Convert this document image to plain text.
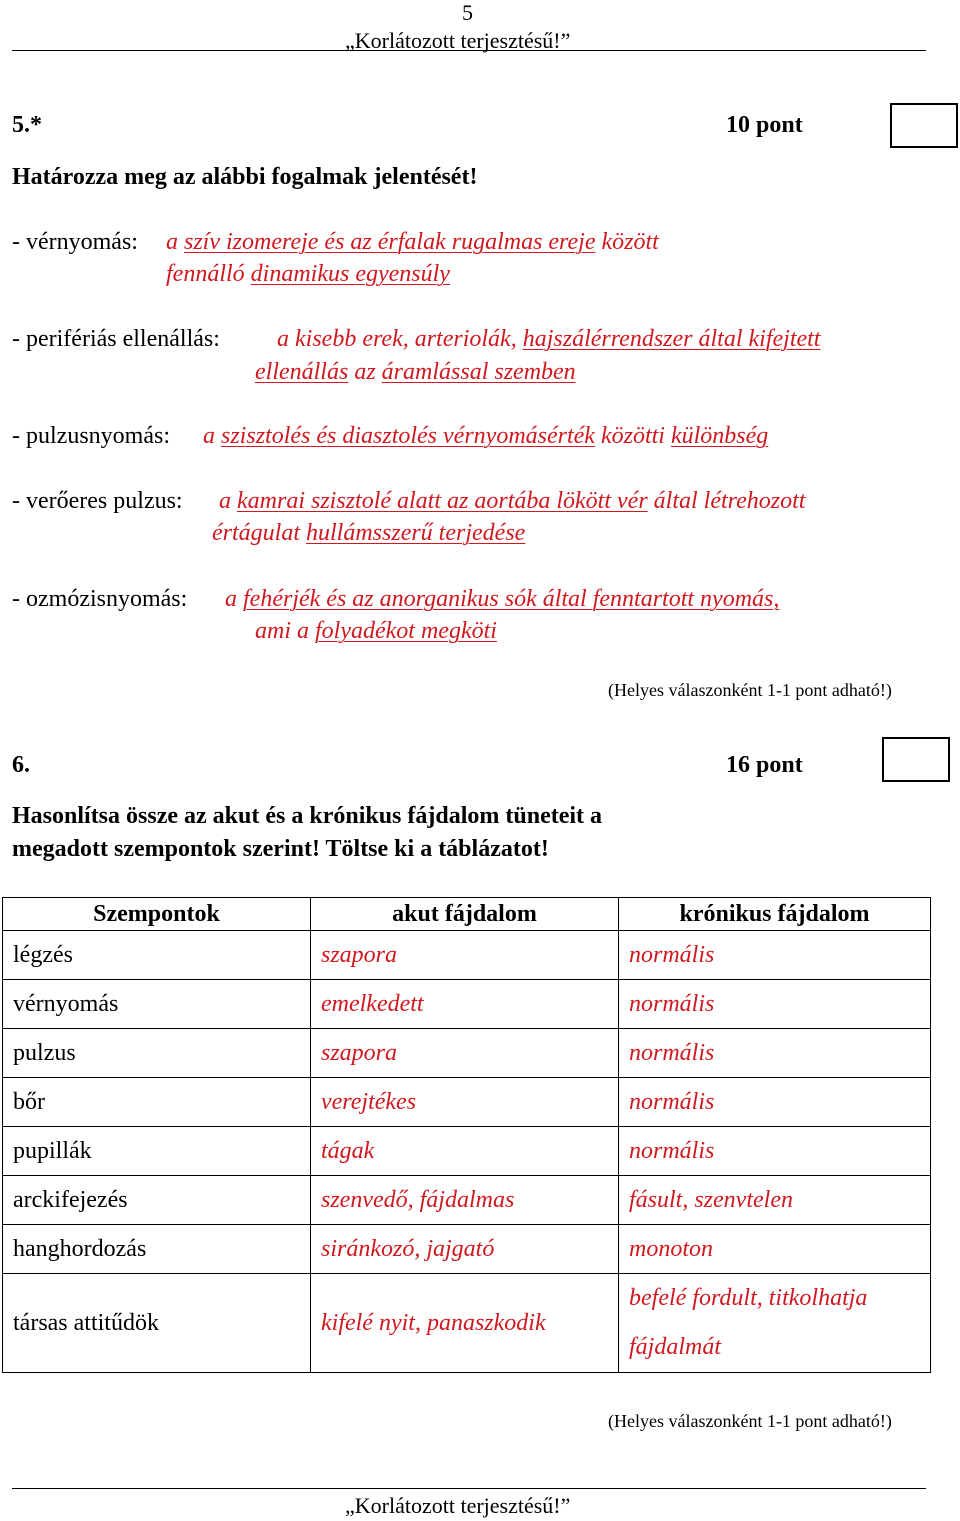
5
„Korlátozott terjesztésű!”
5.*	10 pont
Határozza meg az alábbi fogalmak jelentését!
- vérnyomás: a szív izomereje és az érfalak rugalmas ereje között
fennálló dinamikus egyensúly
- perifériás ellenállás: a kisebb erek, arteriolák, hajszálérrendszer által kifejtett
ellenállás az áramlással szemben
- pulzusnyomás: a szisztolés és diasztolés vérnyomásérték közötti különbség
- verőeres pulzus: a kamrai szisztolé alatt az aortába lökött vér által létrehozott
értágulat hullámsszerű terjedése
- ozmózisnyomás: a fehérjék és az anorganikus sók által fenntartott nyomás,
ami a folyadékot megköti
(Helyes válaszonként 1-1 pont adható!)
6.	16 pont
Hasonlítsa össze az akut és a krónikus fájdalom tüneteit a
megadott szempontok szerint! Töltse ki a táblázatot!
Szempontok	akut fájdalom	krónikus fájdalom
légzés	szapora	normális
vérnyomás	emelkedett	normális
pulzus	szapora	normális
bőr	verejtékes	normális
pupillák	tágak	normális
arckifejezés	szenvedő, fájdalmas	fásult, szenvtelen
hanghordozás	siránkozó, jajgató	monoton
társas attitűdök	kifelé nyit, panaszkodik	befelé fordult, titkolhatja fájdalmát
(Helyes válaszonként 1-1 pont adható!)
„Korlátozott terjesztésű!”
